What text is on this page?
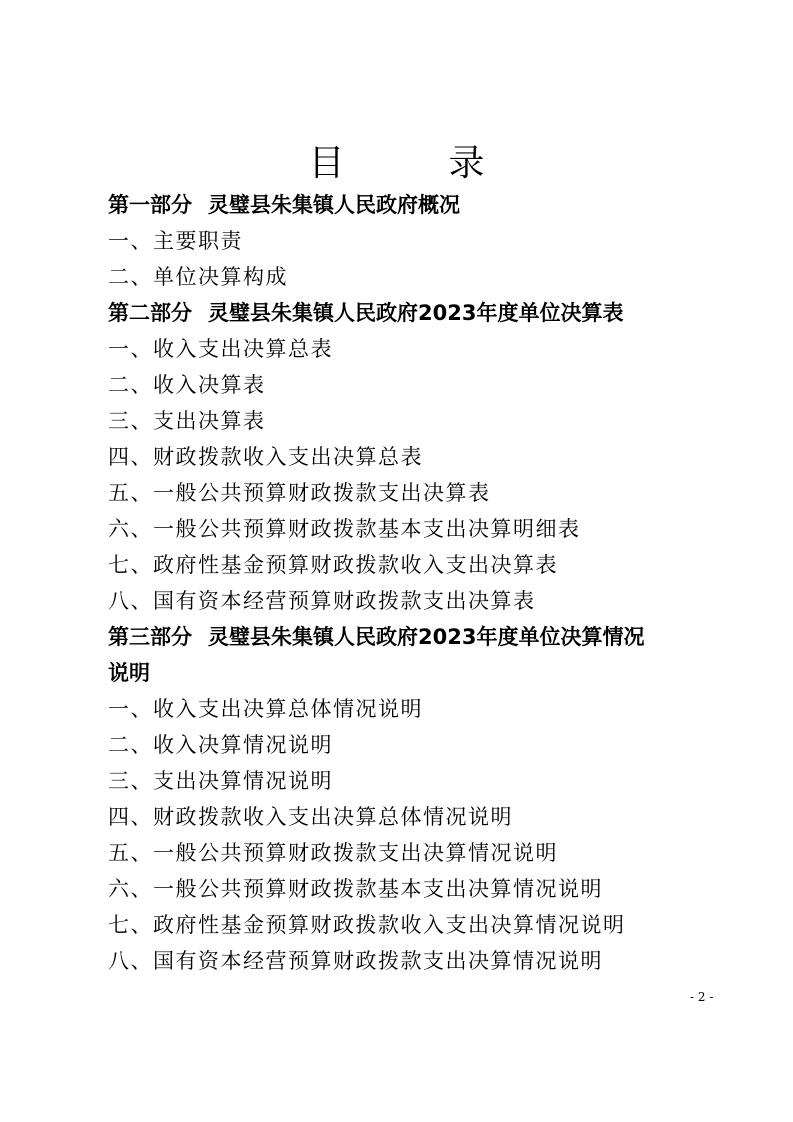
目　录
第一部分 灵璧县朱集镇人民政府概况
一、主要职责
二、单位决算构成
第二部分 灵璧县朱集镇人民政府2023年度单位决算表
一、收入支出决算总表
二、收入决算表
三、支出决算表
四、财政拨款收入支出决算总表
五、一般公共预算财政拨款支出决算表
六、一般公共预算财政拨款基本支出决算明细表
七、政府性基金预算财政拨款收入支出决算表
八、国有资本经营预算财政拨款支出决算表
第三部分 灵璧县朱集镇人民政府2023年度单位决算情况
说明
一、收入支出决算总体情况说明
二、收入决算情况说明
三、支出决算情况说明
四、财政拨款收入支出决算总体情况说明
五、一般公共预算财政拨款支出决算情况说明
六、一般公共预算财政拨款基本支出决算情况说明
七、政府性基金预算财政拨款收入支出决算情况说明
八、国有资本经营预算财政拨款支出决算情况说明
- 2 -
